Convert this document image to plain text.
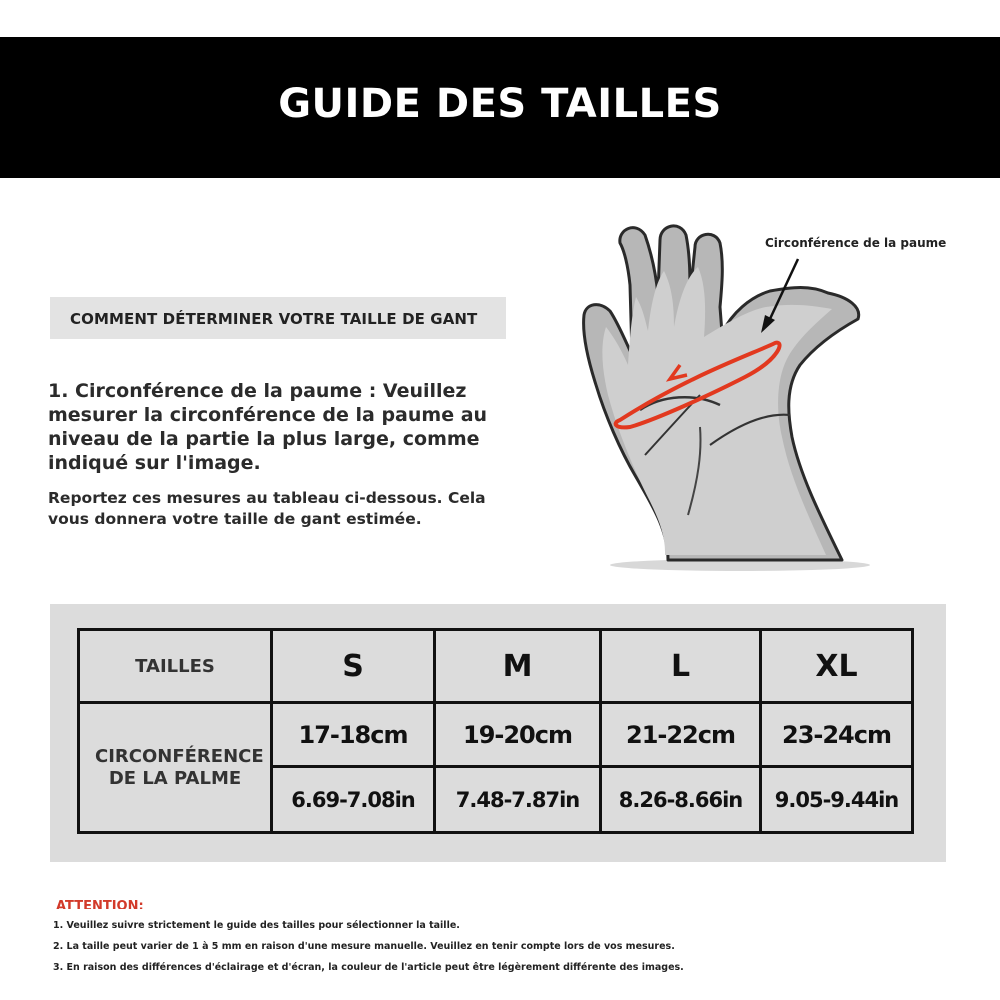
GUIDE DES TAILLES
COMMENT DÉTERMINER VOTRE TAILLE DE GANT
1. Circonférence de la paume : Veuillez mesurer la circonférence de la paume au niveau de la partie la plus large, comme indiqué sur l'image.
Reportez ces mesures au tableau ci-dessous. Cela vous donnera votre taille de gant estimée.
Circonférence de la paume
TAILLES	S	M	L	XL

CIRCONFÉRENCE DE LA PALME	17-18cm	19-20cm	21-22cm	23-24cm
	6.69-7.08in	7.48-7.87in	8.26-8.66in	9.05-9.44in
ATTENTION:
1. Veuillez suivre strictement le guide des tailles pour sélectionner la taille.
2. La taille peut varier de 1 à 5 mm en raison d'une mesure manuelle. Veuillez en tenir compte lors de vos mesures.
3. En raison des différences d'éclairage et d'écran, la couleur de l'article peut être légèrement différente des images.
